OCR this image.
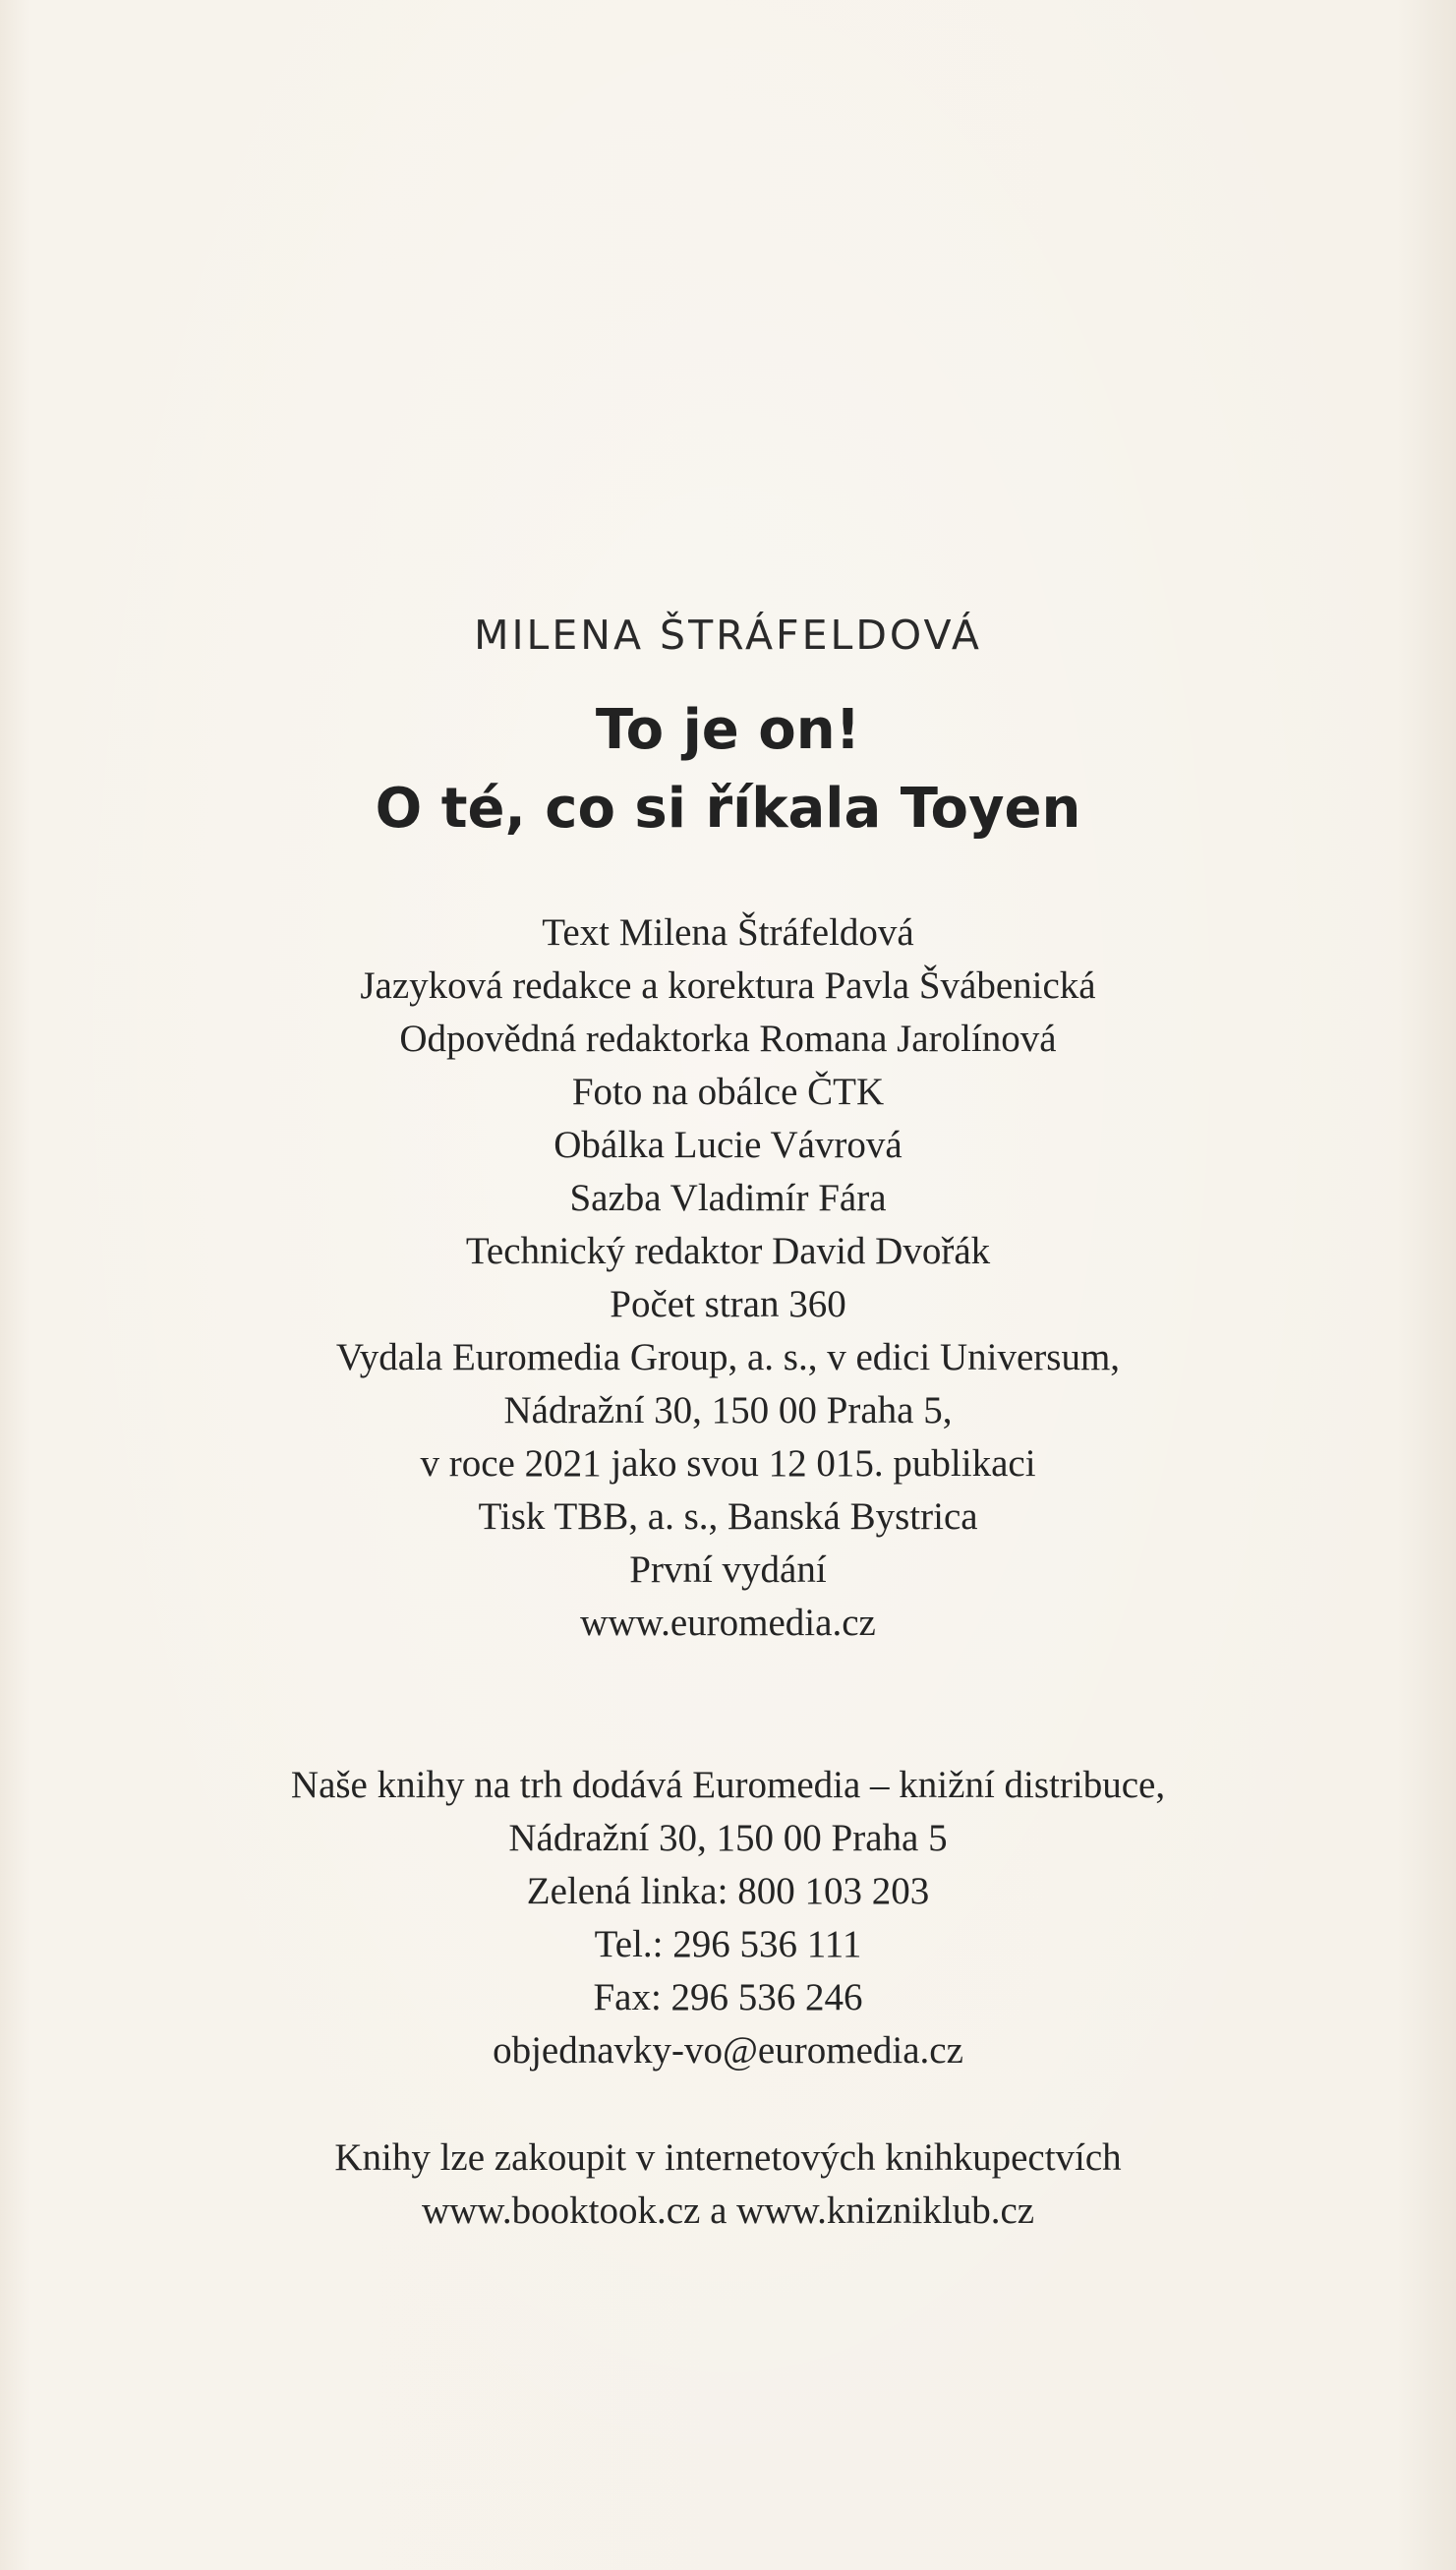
MILENA ŠTRÁFELDOVÁ
To je on!
O té, co si říkala Toyen
Text Milena Štráfeldová
Jazyková redakce a korektura Pavla Švábenická
Odpovědná redaktorka Romana Jarolínová
Foto na obálce ČTK
Obálka Lucie Vávrová
Sazba Vladimír Fára
Technický redaktor David Dvořák
Počet stran 360
Vydala Euromedia Group, a. s., v edici Universum,
Nádražní 30, 150 00 Praha 5,
v roce 2021 jako svou 12 015. publikaci
Tisk TBB, a. s., Banská Bystrica
První vydání
www.euromedia.cz
Naše knihy na trh dodává Euromedia – knižní distribuce,
Nádražní 30, 150 00 Praha 5
Zelená linka: 800 103 203
Tel.: 296 536 111
Fax: 296 536 246
objednavky-vo@euromedia.cz
Knihy lze zakoupit v internetových knihkupectvích
www.booktook.cz a www.knizniklub.cz
